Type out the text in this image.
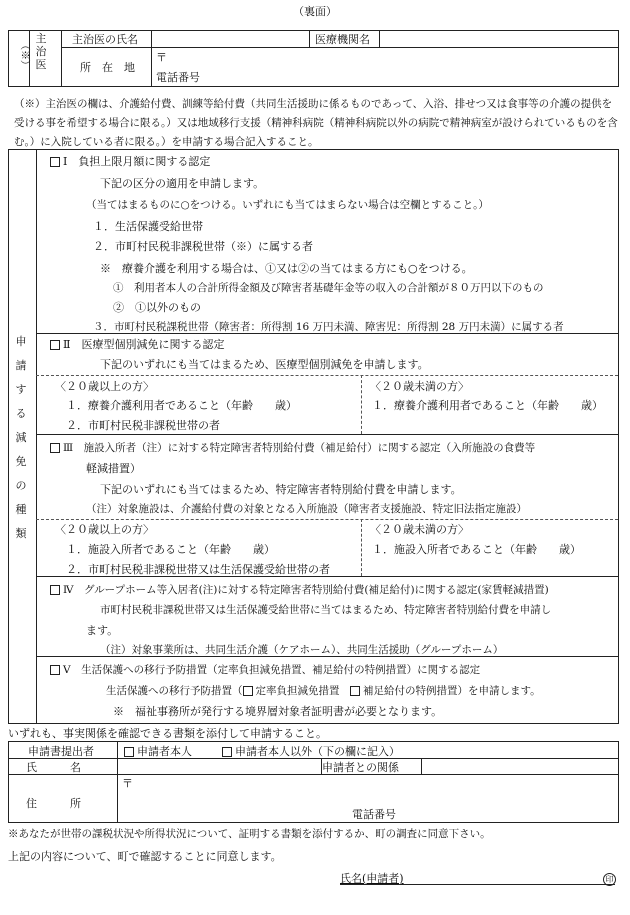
（裏面）
（※）
主治医
主治医の氏名	医療機関名
所　在　地
〒
電話番号
（※）主治医の欄は、介護給付費、訓練等給付費（共同生活援助に係るものであって、入浴、排せつ又は食事等の介護の提供を受ける事を希望する場合に限る。）又は地域移行支援（精神科病院（精神科病院以外の病院で精神病室が設けられているものを含む。）に入院している者に限る。）を申請する場合記入すること。
申請する減免の種類
Ⅰ　負担上限月額に関する認定
下記の区分の適用を申請します。
（当てはまるものに○をつける。いずれにも当てはまらない場合は空欄とすること。）
１．生活保護受給世帯
２．市町村民税非課税世帯（※）に属する者
※　療養介護を利用する場合は、①又は②の当てはまる方にも○をつける。
①　利用者本人の合計所得金額及び障害者基礎年金等の収入の合計額が８０万円以下のもの
②　①以外のもの
３．市町村民税課税世帯（障害者：所得割 16 万円未満、障害児：所得割 28 万円未満）に属する者
Ⅱ　医療型個別減免に関する認定
下記のいずれにも当てはまるため、医療型個別減免を申請します。
〈２０歳以上の方〉
１．療養介護利用者であること（年齢　　歳）
２．市町村民税非課税世帯の者
〈２０歳未満の方〉
１．療養介護利用者であること（年齢　　歳）
Ⅲ　施設入所者（注）に対する特定障害者特別給付費（補足給付）に関する認定（入所施設の食費等
軽減措置）
下記のいずれにも当てはまるため、特定障害者特別給付費を申請します。
（注）対象施設は、介護給付費の対象となる入所施設（障害者支援施設、特定旧法指定施設）
〈２０歳以上の方〉
１．施設入所者であること（年齢　　歳）
２．市町村民税非課税世帯又は生活保護受給世帯の者
〈２０歳未満の方〉
１．施設入所者であること（年齢　　歳）
Ⅳ　グループホーム等入居者(注)に対する特定障害者特別給付費(補足給付)に関する認定(家賃軽減措置)
市町村民税非課税世帯又は生活保護受給世帯に当てはまるため、特定障害者特別給付費を申請し
ます。
（注）対象事業所は、共同生活介護（ケアホーム）、共同生活援助（グループホーム）
Ⅴ　生活保護への移行予防措置（定率負担減免措置、補足給付の特例措置）に関する認定
生活保護への移行予防措置（ 定率負担減免措置　 補足給付の特例措置）を申請します。
※　福祉事務所が発行する境界層対象者証明書が必要となります。
いずれも、事実関係を確認できる書類を添付して申請すること。
申請書提出者	申請者本人	申請者本人以外（下の欄に記入）
氏　　　名	申請者との関係
住　　　所
〒
電話番号
※あなたが世帯の課税状況や所得状況について、証明する書類を添付するか、町の調査に同意下さい。
上記の内容について、町で確認することに同意します。
氏名(申請者)	印
